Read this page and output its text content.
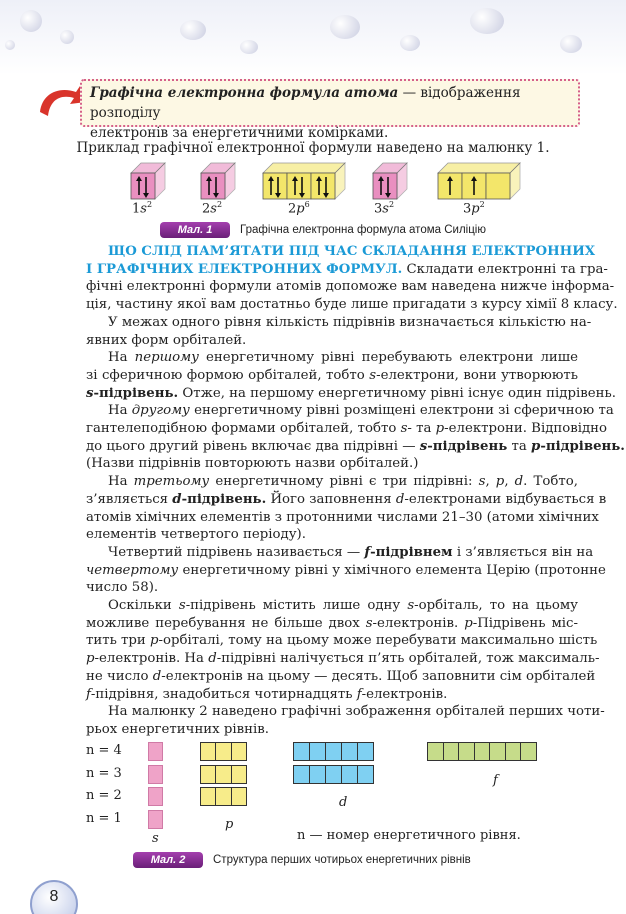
Графічна електронна формула атома — відображення розподілу
електронів за енергетичними комірками.
Приклад графічної електронної формули наведено на малюнку 1.
$1s^2$	$2s^2$	$2p^6$	$3s^2$	$3p^2$
Мал. 1	Графічна електронна формула атома Силіцію
ЩО СЛІД ПАМ’ЯТАТИ ПІД ЧАС СКЛАДАННЯ ЕЛЕКТРОННИХ
І ГРАФІЧНИХ ЕЛЕКТРОННИХ ФОРМУЛ. Складати електронні та гра-
фічні електронні формули атомів допоможе вам наведена нижче інформа-
ція, частину якої вам достатньо буде лише пригадати з курсу хімії 8 класу.
У межах одного рівня кількість підрівнів визначається кількістю на-
явних форм орбіталей.
На першому енергетичному рівні перебувають електрони лише
зі сферичною формою орбіталей, тобто s-електрони, вони утворюють
s-підрівень. Отже, на першому енергетичному рівні існує один підрівень.
На другому енергетичному рівні розміщені електрони зі сферичною та
гантелеподібною формами орбіталей, тобто s- та p-електрони. Відповідно
до цього другий рівень включає два підрівні — s-підрівень та p-підрівень.
(Назви підрівнів повторюють назви орбіталей.)
На третьому енергетичному рівні є три підрівні: s, p, d. Тобто,
з’являється d-підрівень. Його заповнення d-електронами відбувається в
атомів хімічних елементів з протонними числами 21–30 (атоми хімічних
елементів четвертого періоду).
Четвертий підрівень називається — f-підрівнем і з’являється він на
четвертому енергетичному рівні у хімічного елемента Церію (протонне
число 58).
Оскільки s-підрівень містить лише одну s-орбіталь, то на цьому
можливе перебування не більше двох s-електронів. p-Підрівень міс-
тить три p-орбіталі, тому на цьому може перебувати максимально шість
p-електронів. На d-підрівні налічується п’ять орбіталей, тож максималь-
не число d-електронів на цьому — десять. Щоб заповнити сім орбіталей
f-підрівня, знадобиться чотирнадцять f-електронів.
На малюнку 2 наведено графічні зображення орбіталей перших чоти-
рьох енергетичних рівнів.
n = 4
n = 3
n = 2
n = 1
s
p
d
f
n — номер енергетичного рівня.
Мал. 2	Структура перших чотирьох енергетичних рівнів
8
